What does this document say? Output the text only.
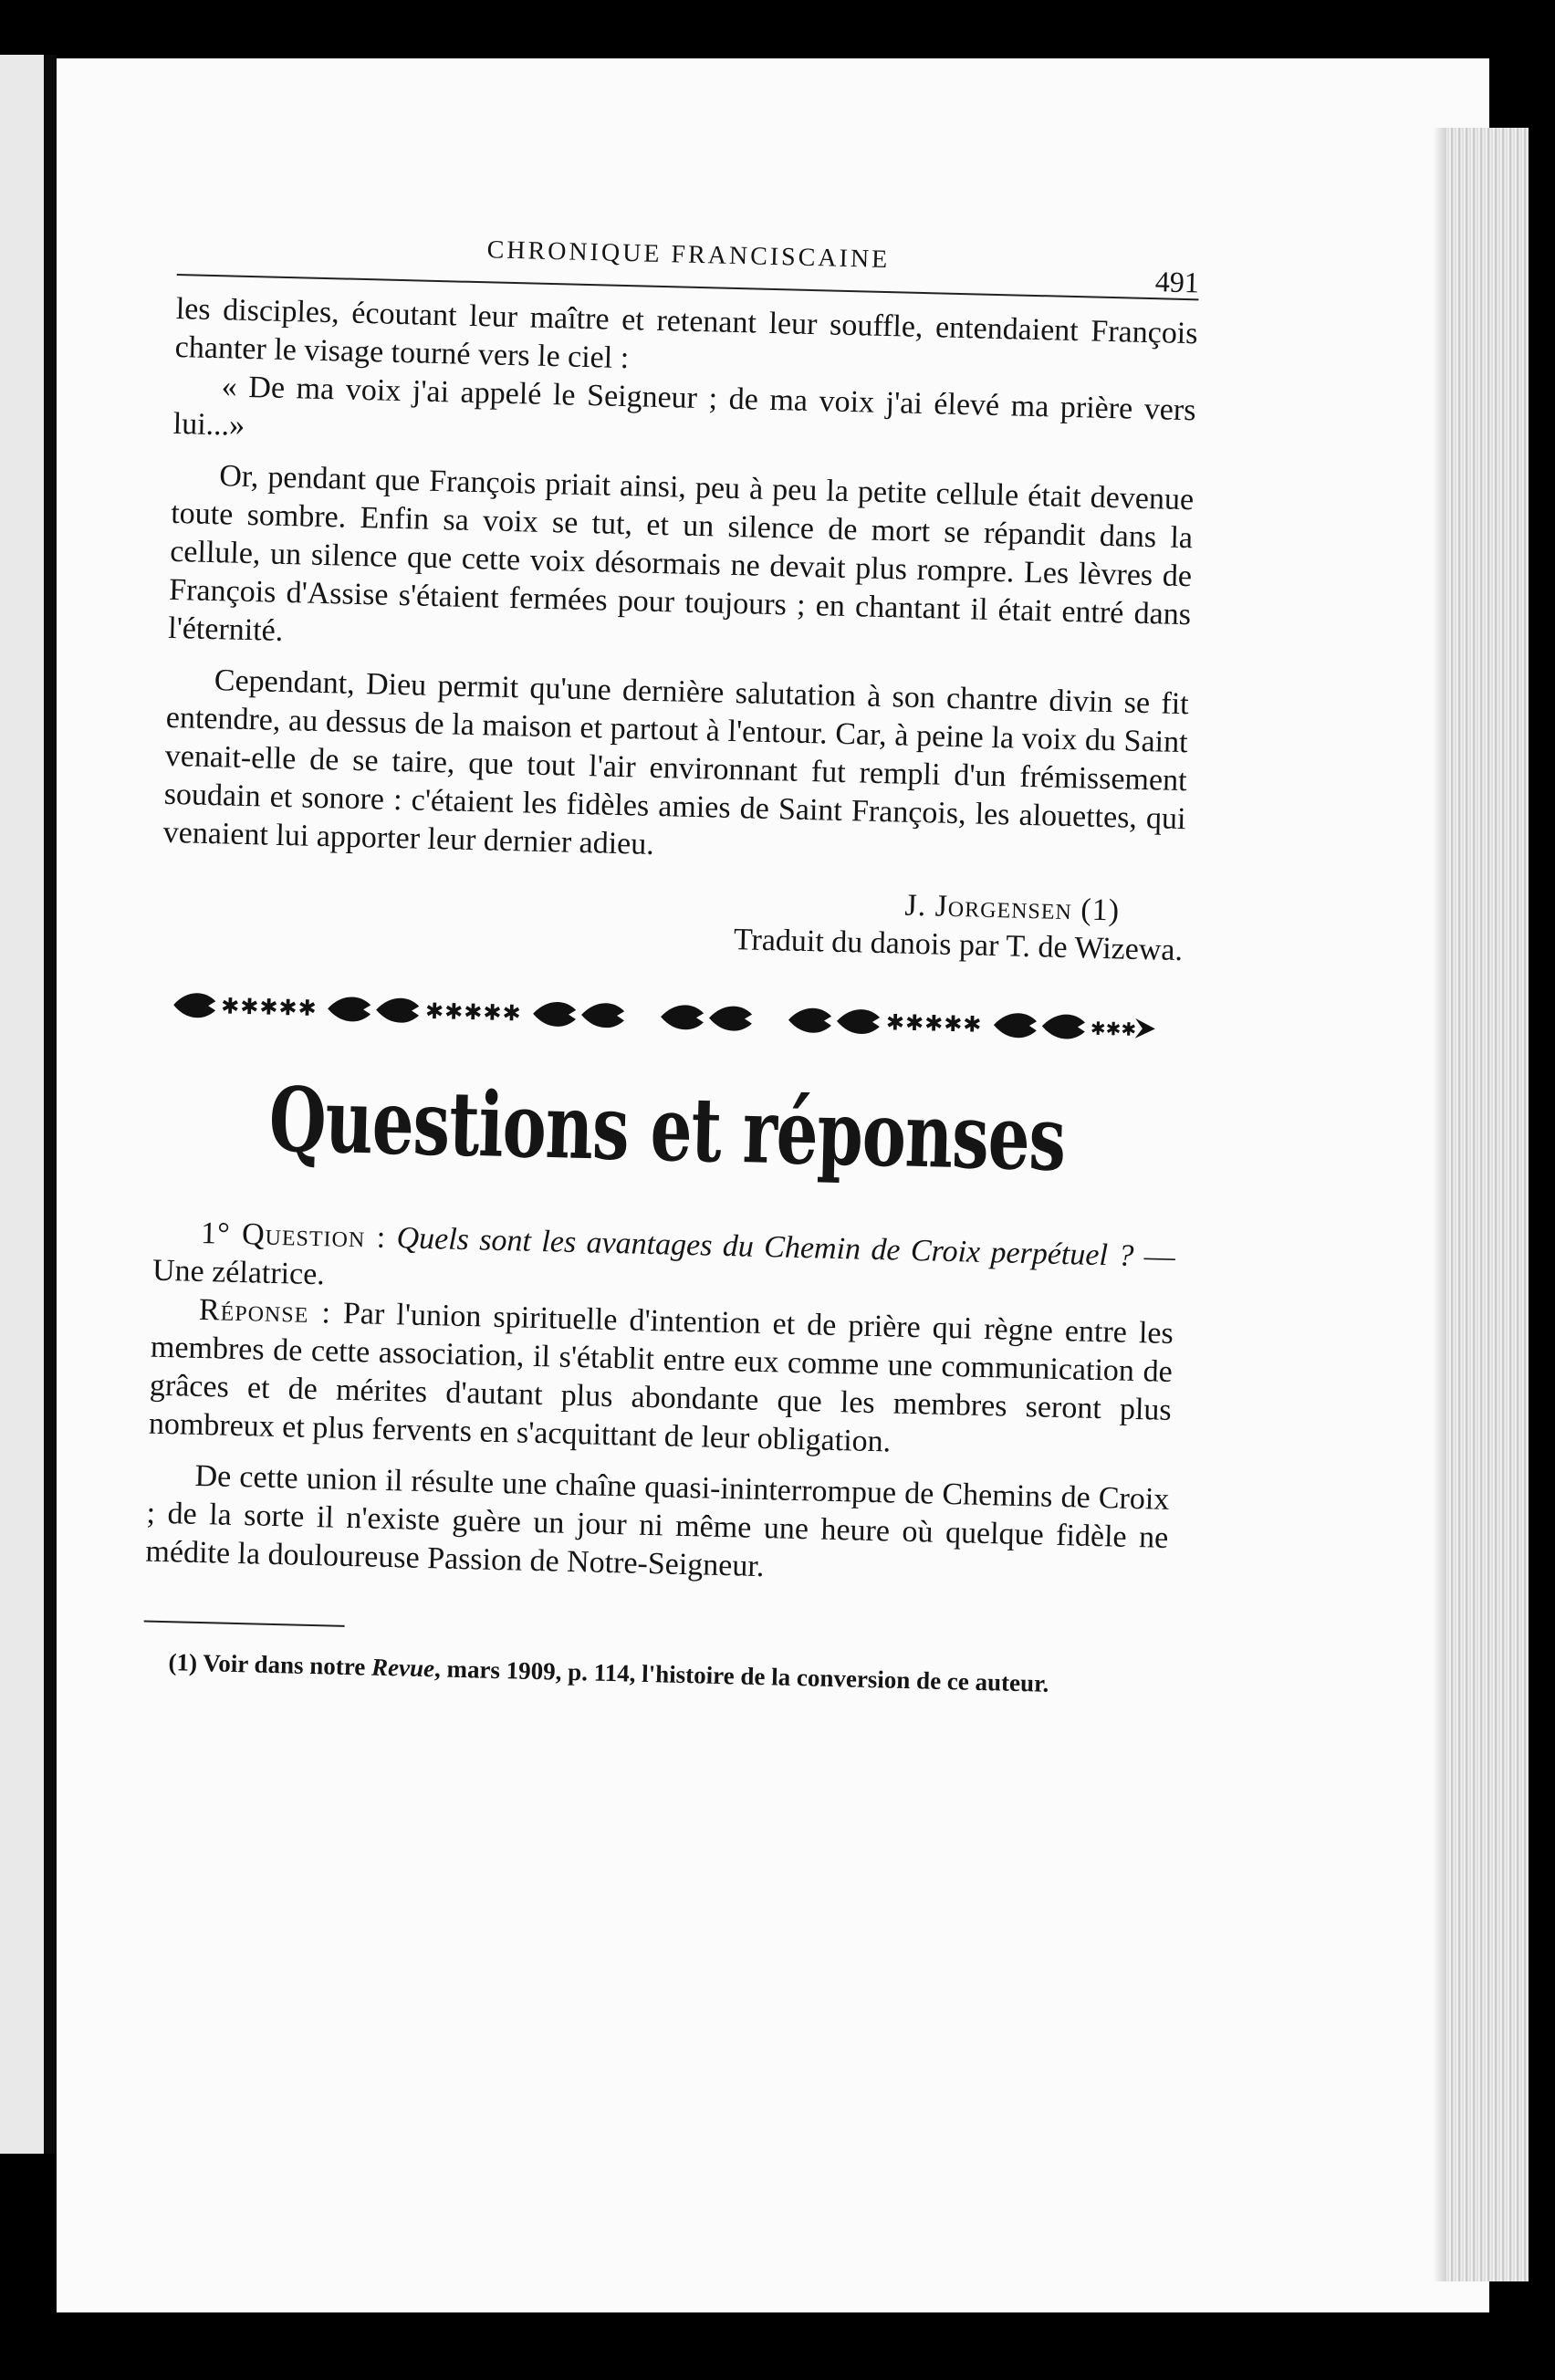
CHRONIQUE FRANCISCAINE
491

les disciples, écoutant leur maître et retenant leur souffle, entendaient François chanter le visage tourné vers le ciel :

« De ma voix j'ai appelé le Seigneur ; de ma voix j'ai élevé ma prière vers lui...»

Or, pendant que François priait ainsi, peu à peu la petite cellule était devenue toute sombre. Enfin sa voix se tut, et un silence de mort se répandit dans la cellule, un silence que cette voix désormais ne devait plus rompre. Les lèvres de François d'Assise s'étaient fermées pour toujours ; en chantant il était entré dans l'éternité.

Cependant, Dieu permit qu'une dernière salutation à son chantre divin se fit entendre, au dessus de la maison et partout à l'entour. Car, à peine la voix du Saint venait-elle de se taire, que tout l'air environnant fut rempli d'un frémissement soudain et sonore : c'étaient les fidèles amies de Saint François, les alouettes, qui venaient lui apporter leur dernier adieu.

J. Jorgensen (1)
Traduit du danois par T. de Wizewa.
✱✱✱✱✱	✱✱✱✱✱	✱✱✱✱✱	✱✱✱
Questions et réponses

1° Question : Quels sont les avantages du Chemin de Croix perpétuel ? — Une zélatrice.

Réponse : Par l'union spirituelle d'intention et de prière qui règne entre les membres de cette association, il s'établit entre eux comme une communication de grâces et de mérites d'autant plus abondante que les membres seront plus nombreux et plus fervents en s'acquittant de leur obligation.

De cette union il résulte une chaîne quasi-ininterrompue de Chemins de Croix ; de la sorte il n'existe guère un jour ni même une heure où quelque fidèle ne médite la douloureuse Passion de Notre-Seigneur.

(1) Voir dans notre Revue, mars 1909, p. 114, l'histoire de la conversion de ce auteur.
